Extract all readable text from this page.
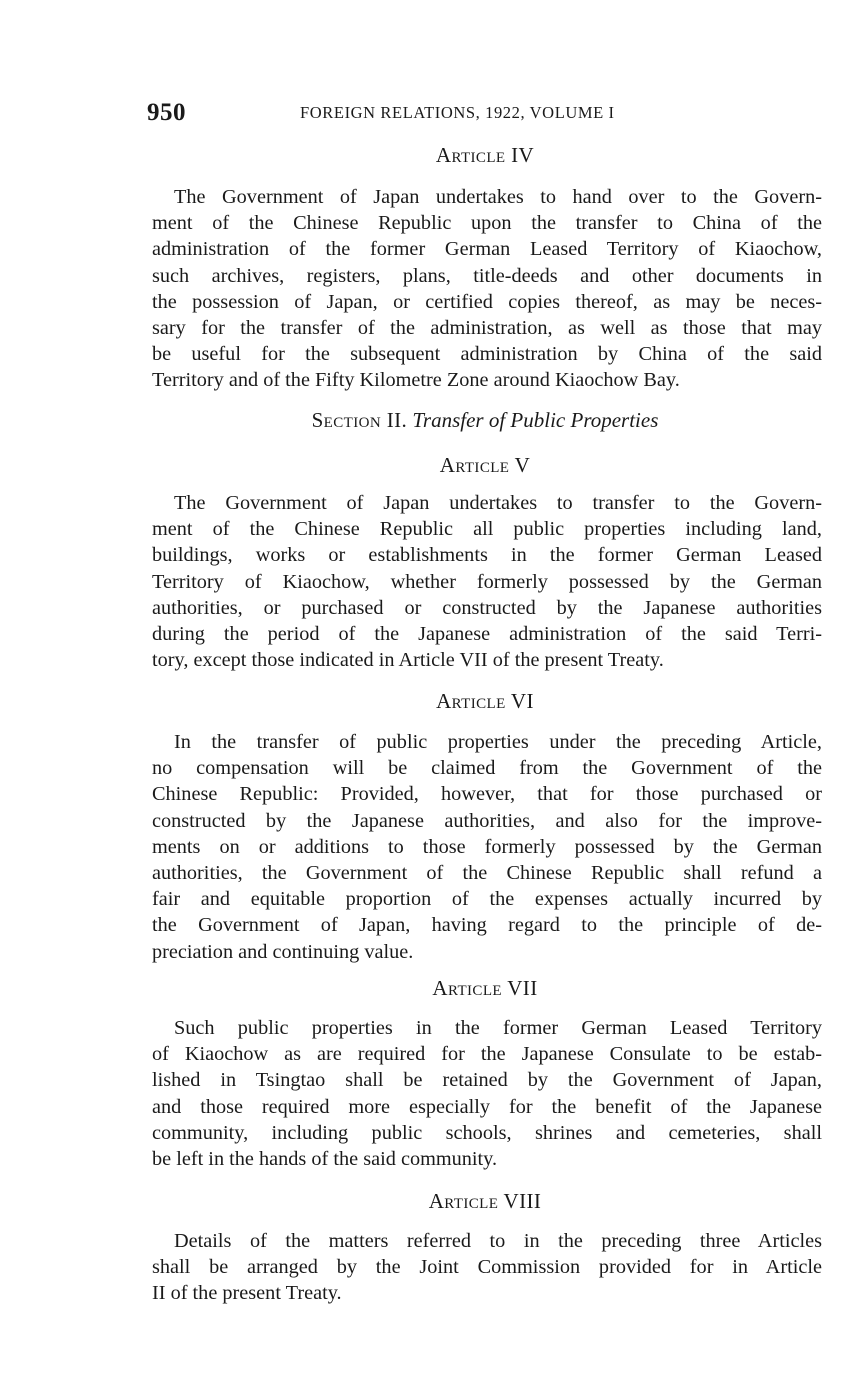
950	FOREIGN RELATIONS, 1922, VOLUME I
Article IV
The Government of Japan undertakes to hand over to the Govern-
ment of the Chinese Republic upon the transfer to China of the
administration of the former German Leased Territory of Kiaochow,
such archives, registers, plans, title-deeds and other documents in
the possession of Japan, or certified copies thereof, as may be neces-
sary for the transfer of the administration, as well as those that may
be useful for the subsequent administration by China of the said
Territory and of the Fifty Kilometre Zone around Kiaochow Bay.
Section II. Transfer of Public Properties
Article V
The Government of Japan undertakes to transfer to the Govern-
ment of the Chinese Republic all public properties including land,
buildings, works or establishments in the former German Leased
Territory of Kiaochow, whether formerly possessed by the German
authorities, or purchased or constructed by the Japanese authorities
during the period of the Japanese administration of the said Terri-
tory, except those indicated in Article VII of the present Treaty.
Article VI
In the transfer of public properties under the preceding Article,
no compensation will be claimed from the Government of the
Chinese Republic: Provided, however, that for those purchased or
constructed by the Japanese authorities, and also for the improve-
ments on or additions to those formerly possessed by the German
authorities, the Government of the Chinese Republic shall refund a
fair and equitable proportion of the expenses actually incurred by
the Government of Japan, having regard to the principle of de-
preciation and continuing value.
Article VII
Such public properties in the former German Leased Territory
of Kiaochow as are required for the Japanese Consulate to be estab-
lished in Tsingtao shall be retained by the Government of Japan,
and those required more especially for the benefit of the Japanese
community, including public schools, shrines and cemeteries, shall
be left in the hands of the said community.
Article VIII
Details of the matters referred to in the preceding three Articles
shall be arranged by the Joint Commission provided for in Article
II of the present Treaty.
